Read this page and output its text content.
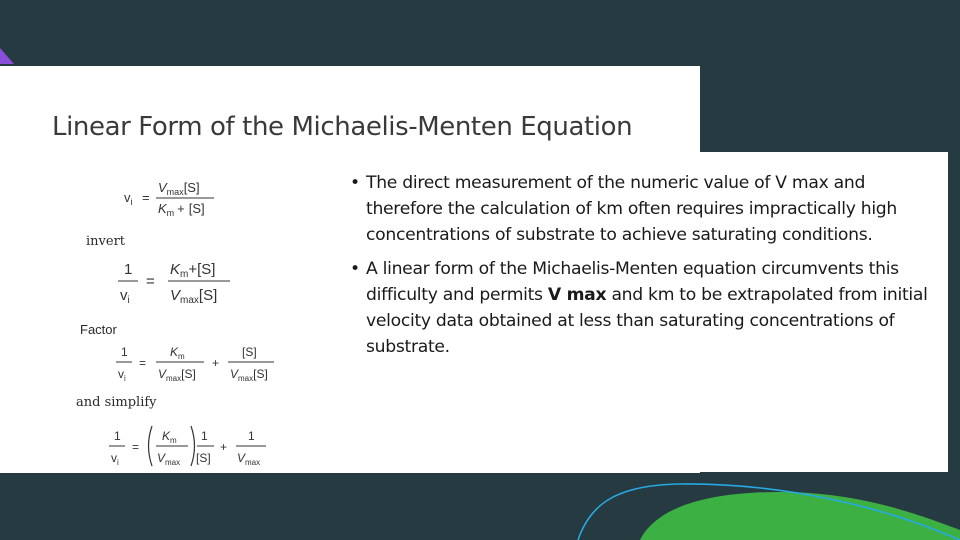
Linear Form of the Michaelis-Menten Equation
$v_i$ =
$V_{max}[S]$
$K_m + [S]$
invert
1
$v_i$
=
$K_m+[S]$
$V_{max}[S]$
Factor
1
$v_i$
=
$K_m$
$V_{max}[S]$
+
[S]
$V_{max}[S]$
and simplify
1
$v_i$
=
$K_m$
$V_{max}$
1
[S]
+
1
$V_{max}$
• The direct measurement of the numeric value of V max and therefore the calculation of km often requires impractically high concentrations of substrate to achieve saturating conditions.
• A linear form of the Michaelis-Menten equation circumvents this difficulty and permits V max and km to be extrapolated from initial velocity data obtained at less than saturating concentrations of substrate.
